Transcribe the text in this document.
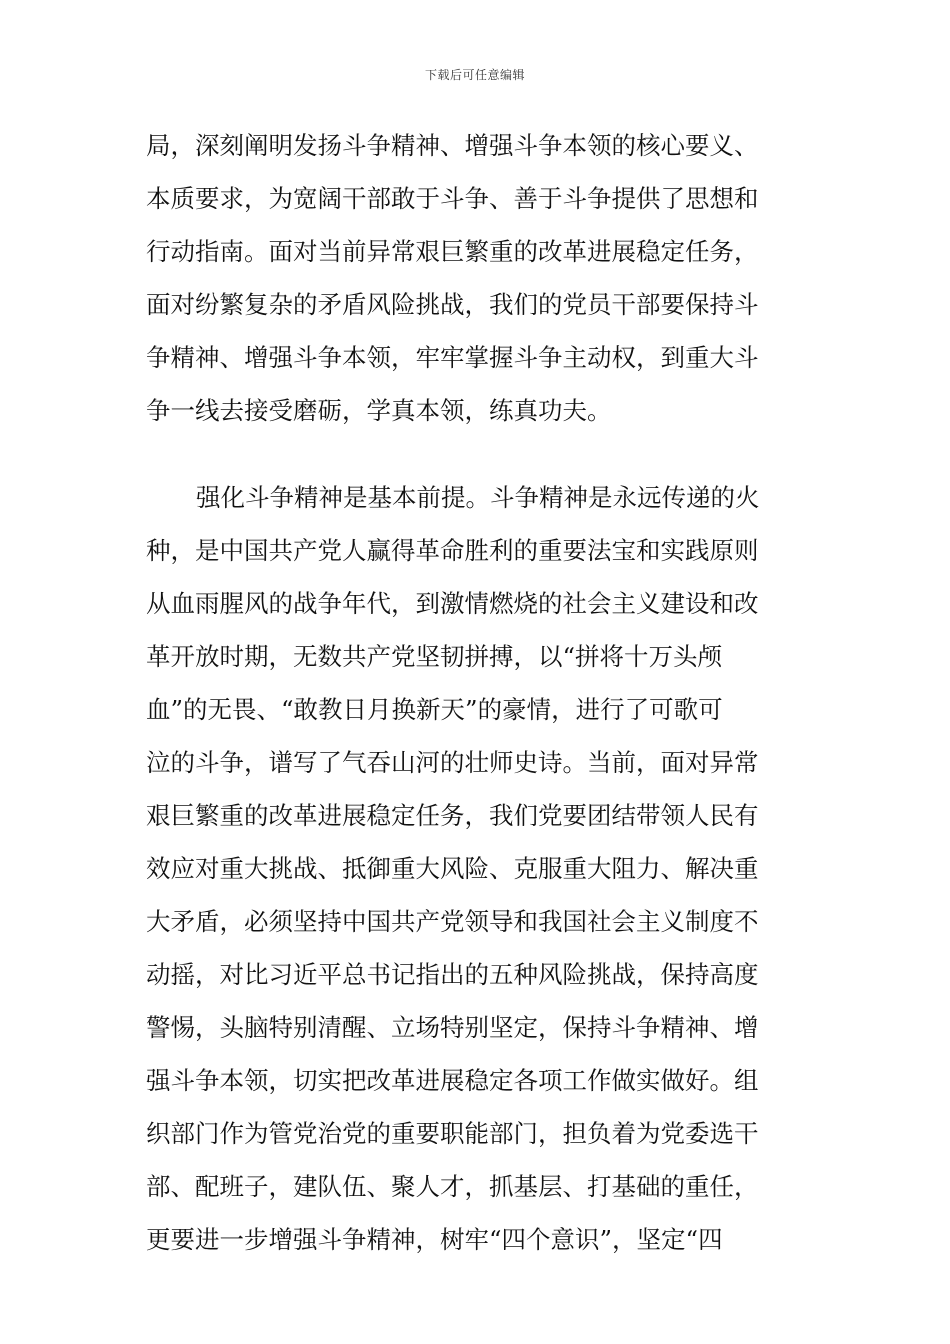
下载后可任意编辑
局，深刻阐明发扬斗争精神、增强斗争本领的核心要义、
本质要求，为宽阔干部敢于斗争、善于斗争提供了思想和
行动指南。面对当前异常艰巨繁重的改革进展稳定任务，
面对纷繁复杂的矛盾风险挑战，我们的党员干部要保持斗
争精神、增强斗争本领，牢牢掌握斗争主动权，到重大斗
争一线去接受磨砺，学真本领，练真功夫。
强化斗争精神是基本前提。斗争精神是永远传递的火
种，是中国共产党人赢得革命胜利的重要法宝和实践原则
从血雨腥风的战争年代，到激情燃烧的社会主义建设和改
革开放时期，无数共产党坚韧拼搏，以“拼将十万头颅
血”的无畏、“敢教日月换新天”的豪情，进行了可歌可
泣的斗争，谱写了气吞山河的壮师史诗。当前，面对异常
艰巨繁重的改革进展稳定任务，我们党要团结带领人民有
效应对重大挑战、抵御重大风险、克服重大阻力、解决重
大矛盾，必须坚持中国共产党领导和我国社会主义制度不
动摇，对比习近平总书记指出的五种风险挑战，保持高度
警惕，头脑特别清醒、立场特别坚定，保持斗争精神、增
强斗争本领，切实把改革进展稳定各项工作做实做好。组
织部门作为管党治党的重要职能部门，担负着为党委选干
部、配班子，建队伍、聚人才，抓基层、打基础的重任，
更要进一步增强斗争精神，树牢“四个意识”，坚定“四
